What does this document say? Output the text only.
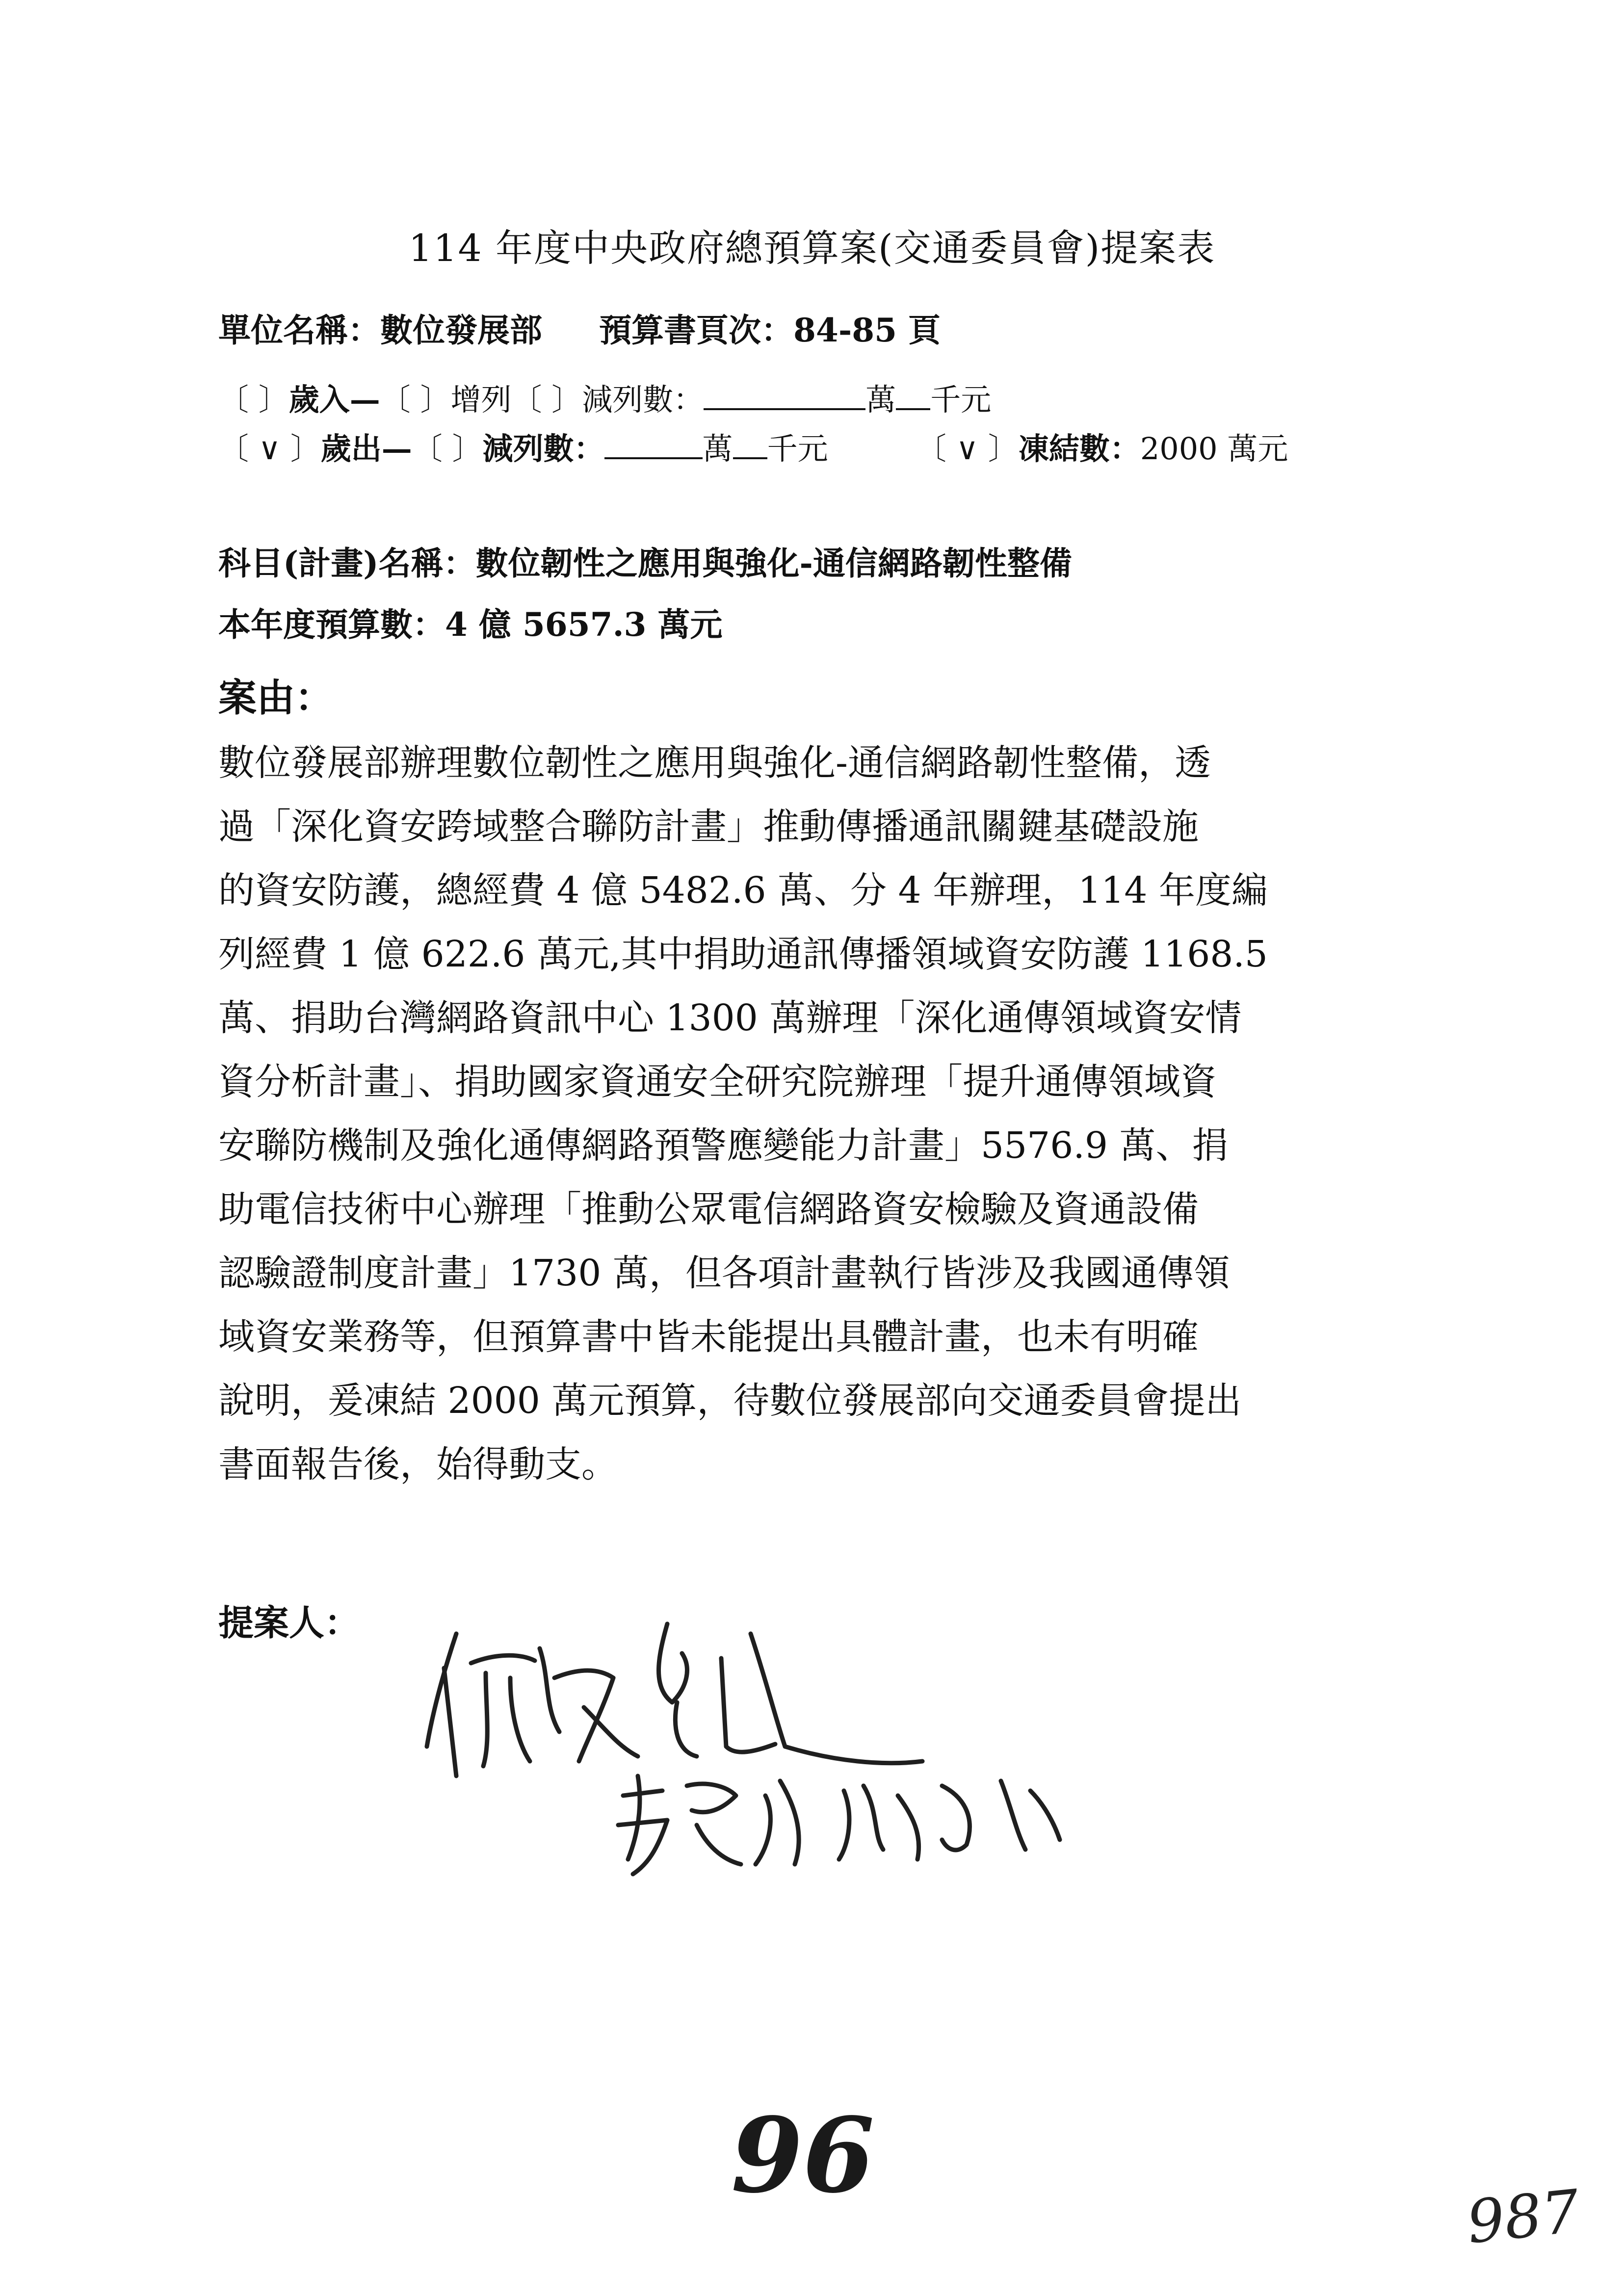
114 年度中央政府總預算案(交通委員會)提案表
單位名稱：數位發展部 預算書頁次：84-85 頁
〔 〕歲入—〔 〕增列〔 〕減列數：	萬 千元
〔 ∨ 〕歲出—〔 〕減列數：	萬 千元	〔 ∨ 〕凍結數：2000 萬元
科目(計畫)名稱：數位韌性之應用與強化-通信網路韌性整備
本年度預算數：4 億 5657.3 萬元
案由：
數位發展部辦理數位韌性之應用與強化-通信網路韌性整備，透
過「深化資安跨域整合聯防計畫」推動傳播通訊關鍵基礎設施
的資安防護，總經費 4 億 5482.6 萬、分 4 年辦理，114 年度編
列經費 1 億 622.6 萬元,其中捐助通訊傳播領域資安防護 1168.5
萬、捐助台灣網路資訊中心 1300 萬辦理「深化通傳領域資安情
資分析計畫」、捐助國家資通安全研究院辦理「提升通傳領域資
安聯防機制及強化通傳網路預警應變能力計畫」5576.9 萬、捐
助電信技術中心辦理「推動公眾電信網路資安檢驗及資通設備
認驗證制度計畫」1730 萬，但各項計畫執行皆涉及我國通傳領
域資安業務等，但預算書中皆未能提出具體計畫，也未有明確
說明，爰凍結 2000 萬元預算，待數位發展部向交通委員會提出
書面報告後，始得動支。
提案人：
96
987
